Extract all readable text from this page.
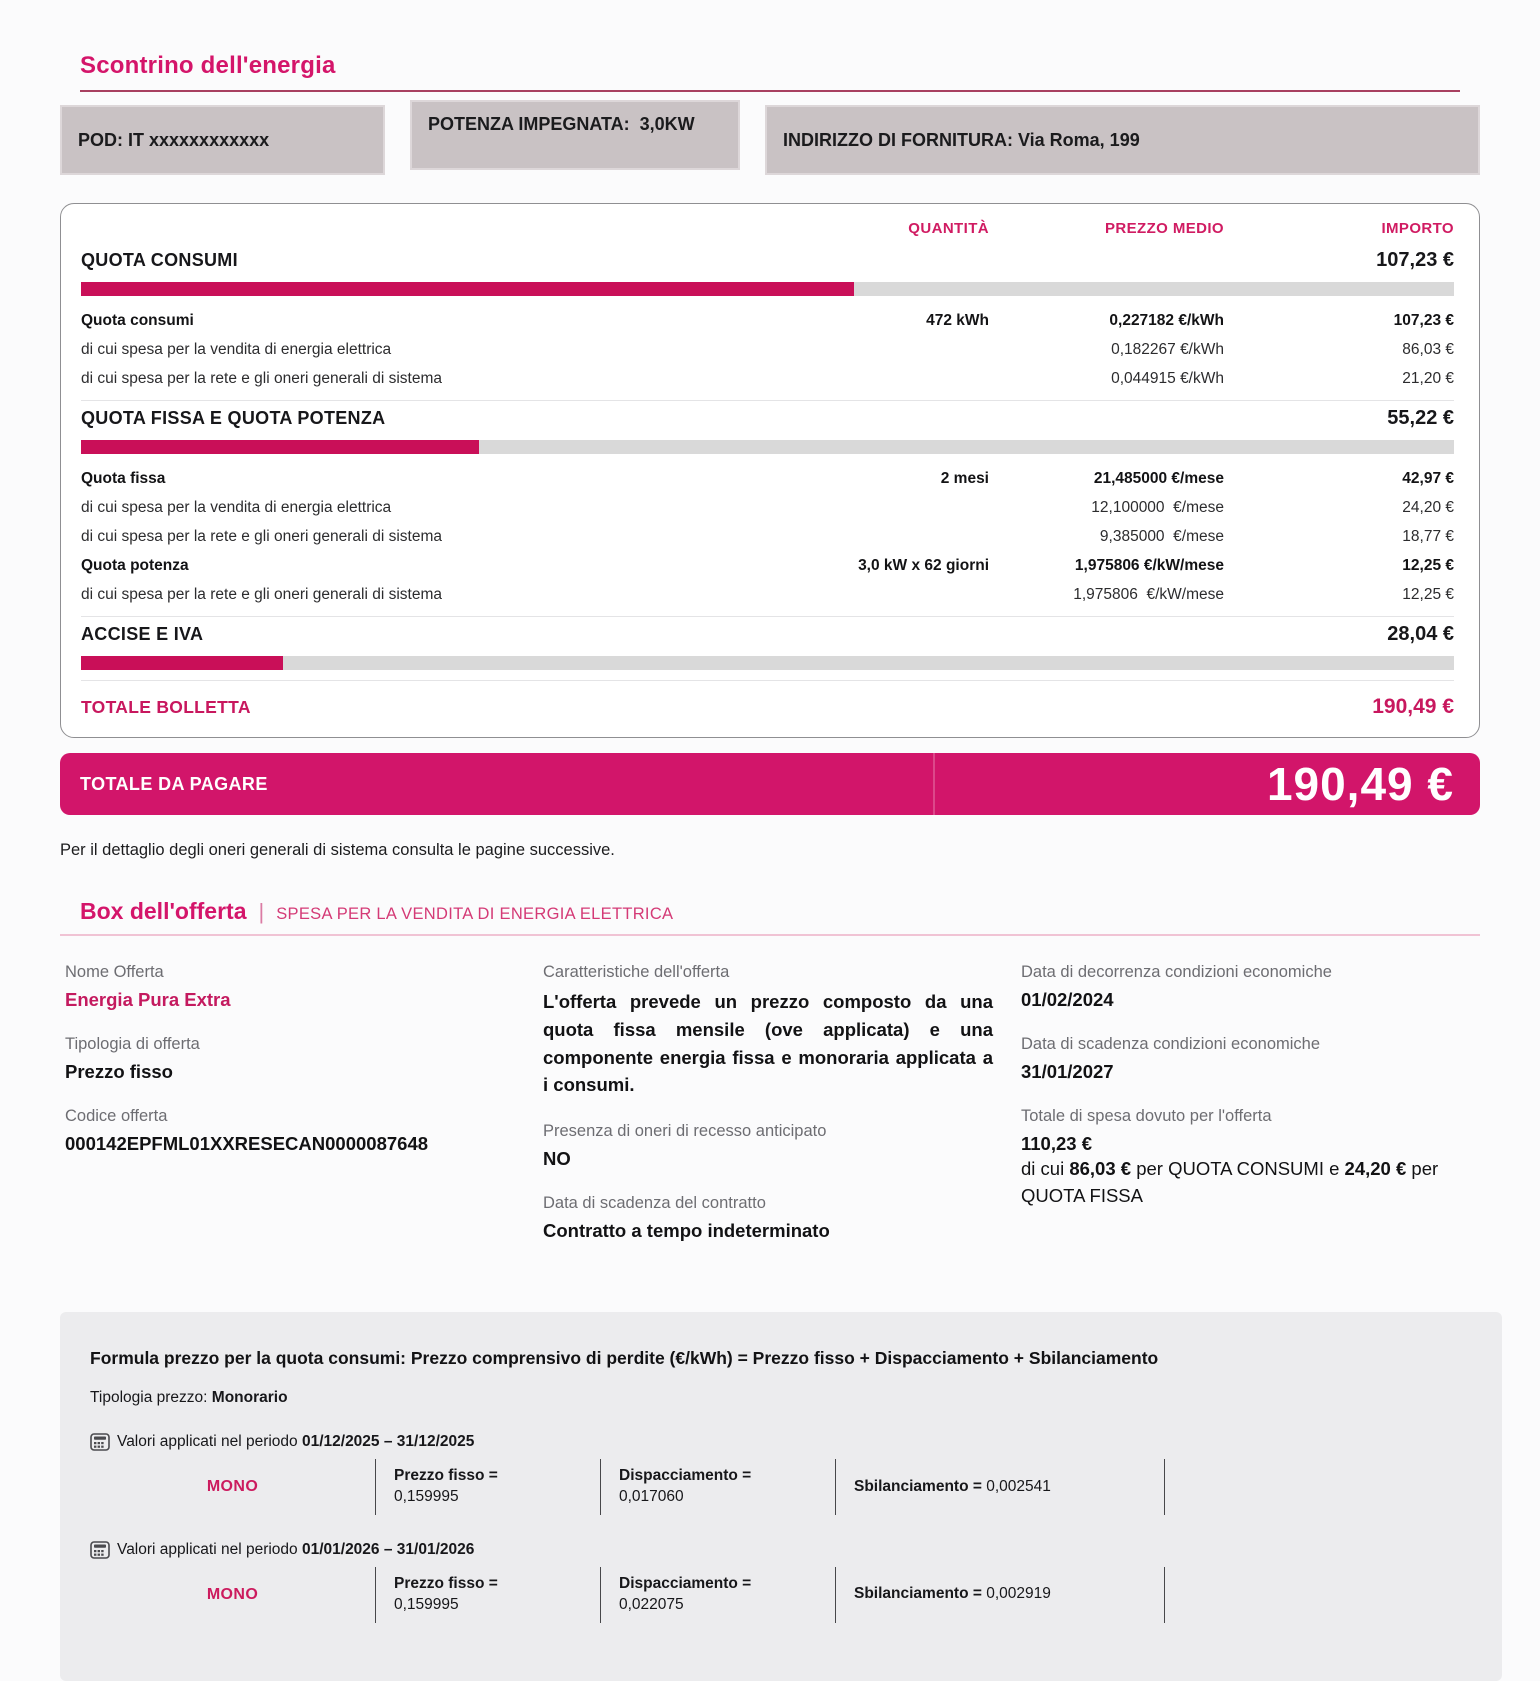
Scontrino dell'energia
POD: IT xxxxxxxxxxxx
POTENZA IMPEGNATA:  3,0KW
INDIRIZZO DI FORNITURA: Via Roma, 199
QUANTITÀ	PREZZO MEDIO	IMPORTO
QUOTA CONSUMI	107,23 €
Quota consumi	472 kWh	0,227182 €/kWh	107,23 €
di cui spesa per la vendita di energia elettrica	0,182267 €/kWh	86,03 €
di cui spesa per la rete e gli oneri generali di sistema	0,044915 €/kWh	21,20 €
QUOTA FISSA E QUOTA POTENZA	55,22 €
Quota fissa	2 mesi	21,485000 €/mese	42,97 €
di cui spesa per la vendita di energia elettrica	12,100000  €/mese	24,20 €
di cui spesa per la rete e gli oneri generali di sistema	9,385000  €/mese	18,77 €
Quota potenza	3,0 kW x 62 giorni	1,975806 €/kW/mese	12,25 €
di cui spesa per la rete e gli oneri generali di sistema	1,975806  €/kW/mese	12,25 €
ACCISE E IVA	28,04 €
TOTALE BOLLETTA	190,49 €
TOTALE DA PAGARE	190,49 €

Per il dettaglio degli oneri generali di sistema consulta le pagine successive.

Box dell'offerta | SPESA PER LA VENDITA DI ENERGIA ELETTRICA
Nome Offerta
Energia Pura Extra
Tipologia di offerta
Prezzo fisso
Codice offerta
000142EPFML01XXRESECAN0000087648
Caratteristiche dell'offerta
L'offerta prevede un prezzo composto da una quota fissa mensile (ove applicata) e una componente energia fissa e monoraria applicata a i consumi.
Presenza di oneri di recesso anticipato
NO
Data di scadenza del contratto
Contratto a tempo indeterminato
Data di decorrenza condizioni economiche
01/02/2024
Data di scadenza condizioni economiche
31/01/2027
Totale di spesa dovuto per l'offerta
110,23 €
di cui 86,03 € per QUOTA CONSUMI e 24,20 € per QUOTA FISSA
Formula prezzo per la quota consumi: Prezzo comprensivo di perdite (€/kWh) = Prezzo fisso + Dispacciamento + Sbilanciamento
Tipologia prezzo: Monorario
Valori applicati nel periodo 01/12/2025 – 31/12/2025
MONO
Prezzo fisso =
0,159995
Dispacciamento =
0,017060
Sbilanciamento = 0,002541
Valori applicati nel periodo 01/01/2026 – 31/01/2026
MONO
Prezzo fisso =
0,159995
Dispacciamento =
0,022075
Sbilanciamento = 0,002919
